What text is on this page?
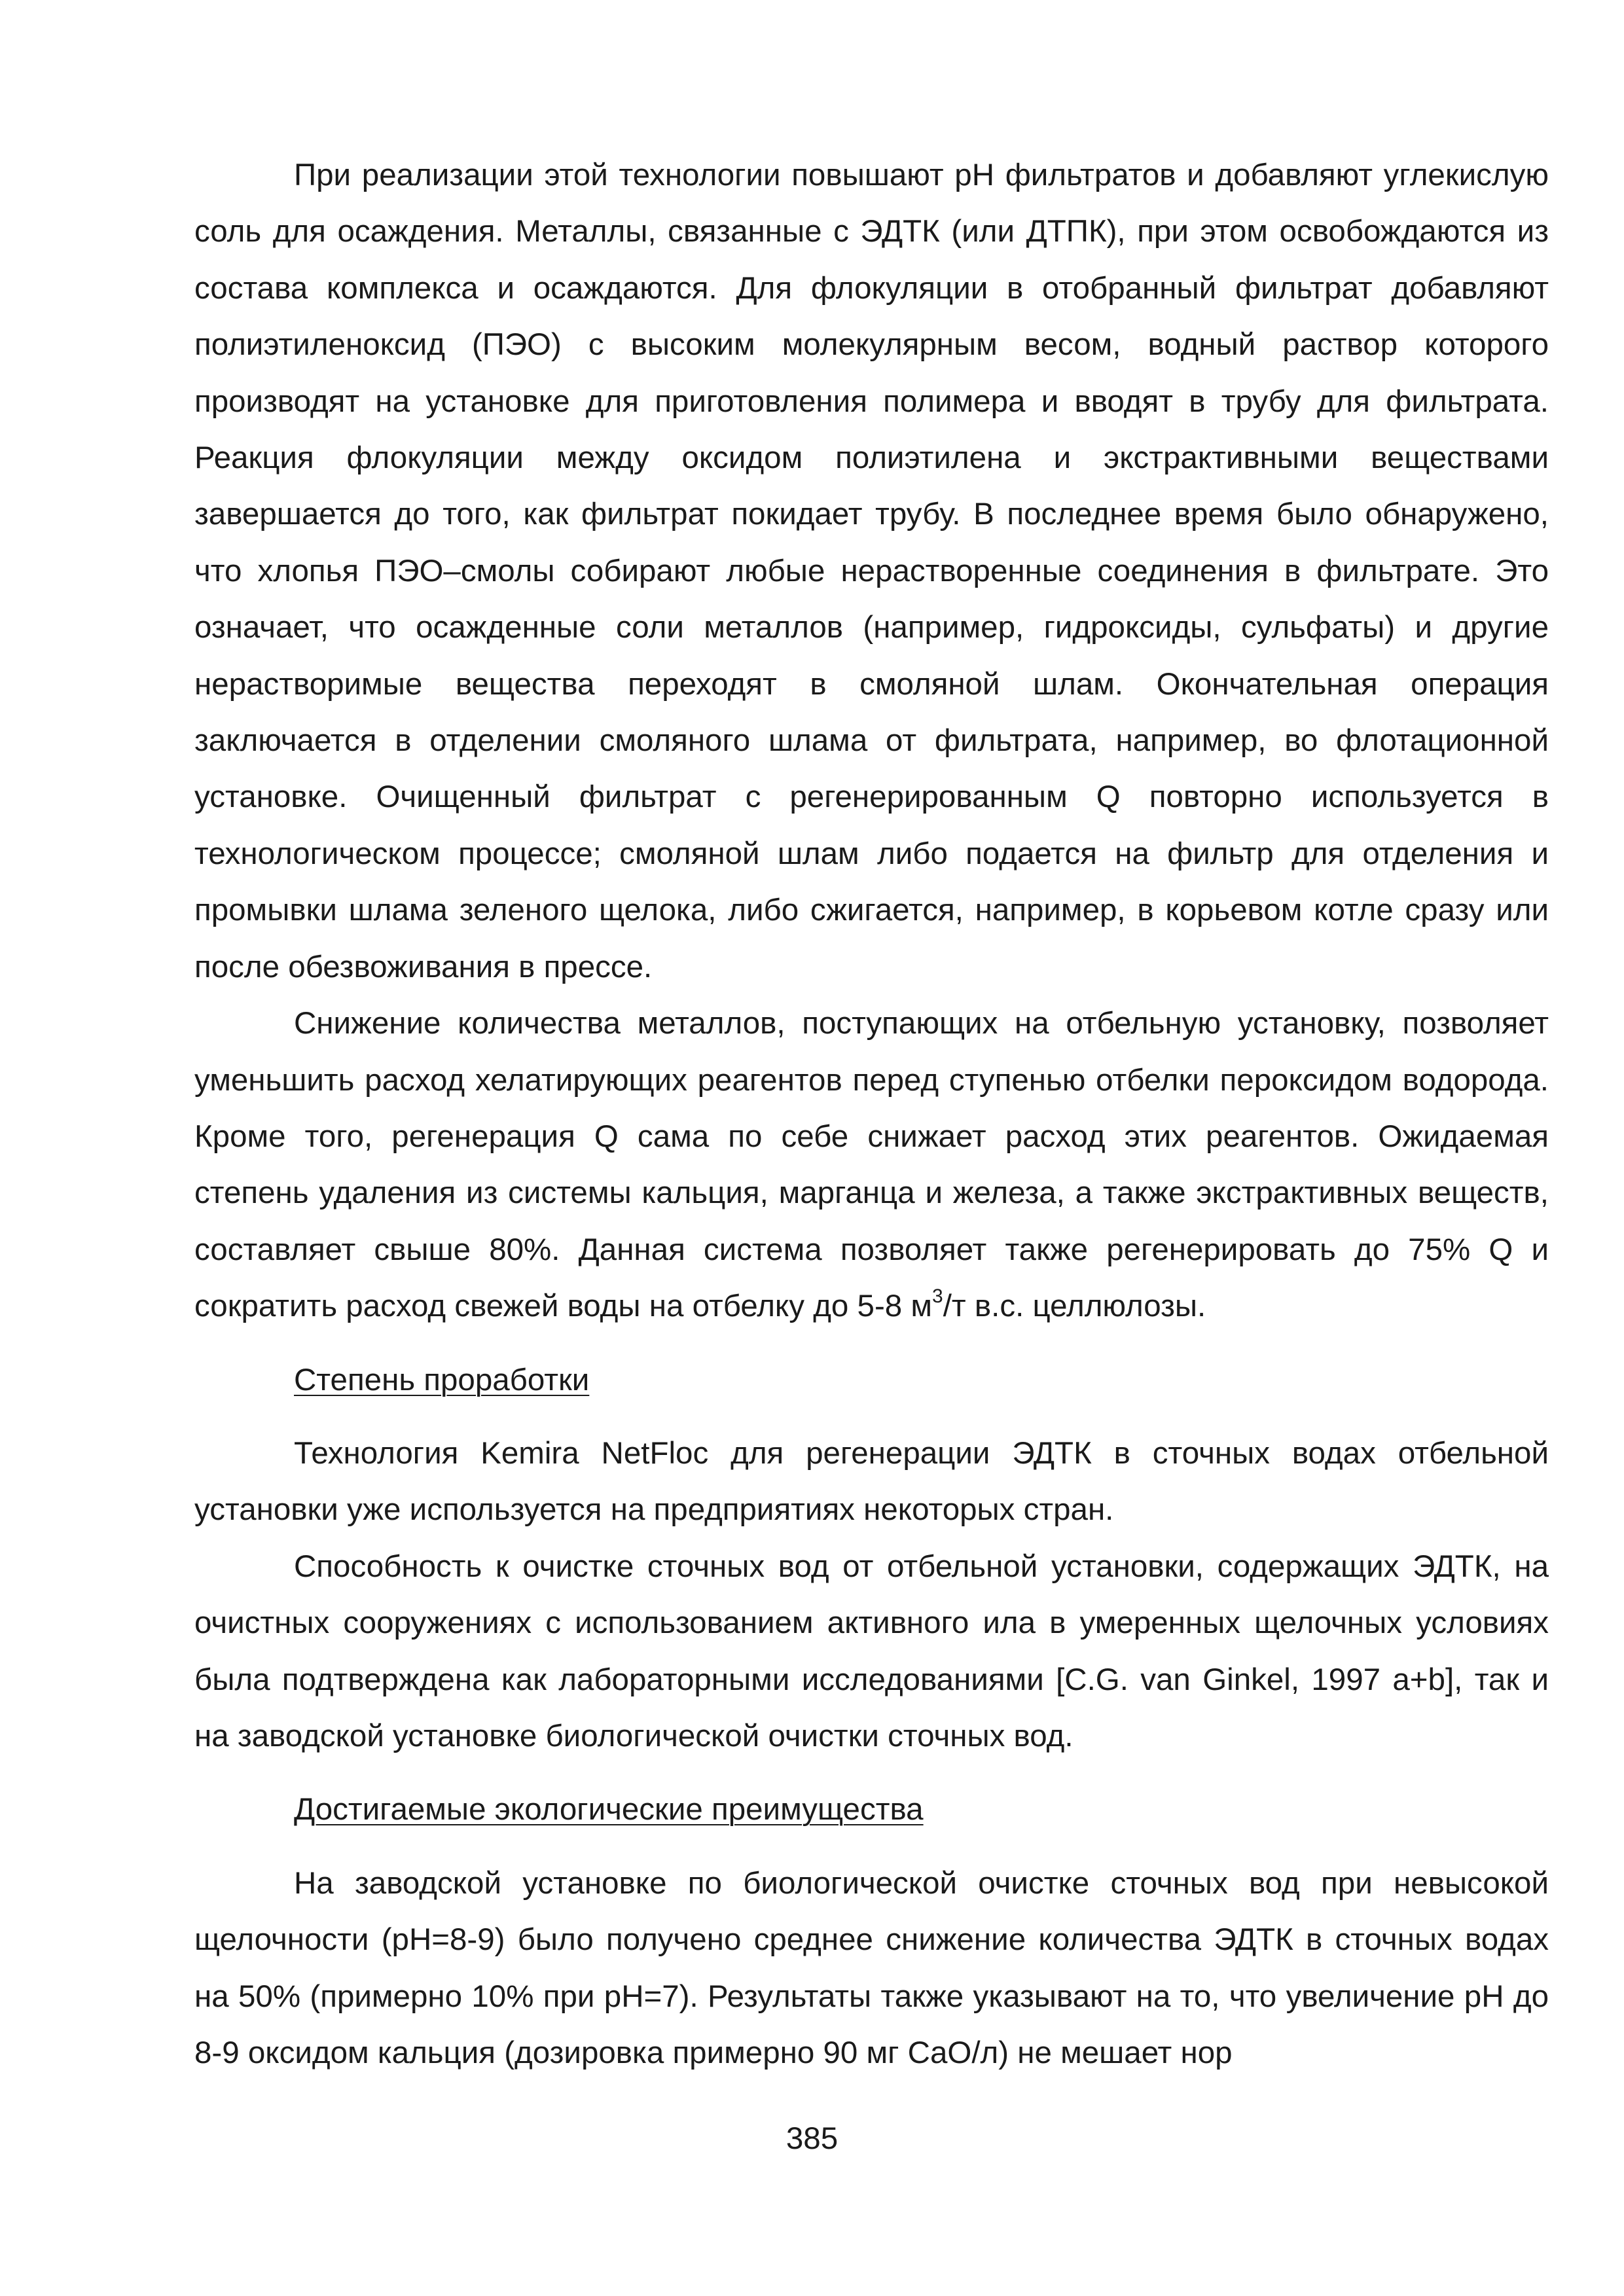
При реализации этой технологии повышают pH фильтратов и добавляют углекислую соль для осаждения. Металлы, связанные с ЭДТК (или ДТПК), при этом освобождаются из состава комплекса и осаждаются. Для флокуляции в отобранный фильтрат добавляют полиэтиленоксид (ПЭО) с высоким молекулярным весом, водный раствор которого производят на установке для приготовления полимера и вводят в трубу для фильтрата. Реакция флокуляции между оксидом полиэтилена и экстрактивными веществами завершается до того, как фильтрат покидает трубу. В последнее время было обнаружено, что хлопья ПЭО–смолы собирают любые нерастворенные соединения в фильтрате. Это означает, что осажденные соли металлов (например, гидроксиды, сульфаты) и другие нерастворимые вещества переходят в смоляной шлам. Окончательная операция заключается в отделении смоляного шлама от фильтрата, например, во флотационной установке. Очищенный фильтрат с регенерированным Q повторно используется в технологическом процессе; смоляной шлам либо подается на фильтр для отделения и промывки шлама зеленого щелока, либо сжигается, например, в корьевом котле сразу или после обезвоживания в прессе.

Снижение количества металлов, поступающих на отбельную установку, позволяет уменьшить расход хелатирующих реагентов перед ступенью отбелки пероксидом водорода. Кроме того, регенерация Q сама по себе снижает расход этих реагентов. Ожидаемая степень удаления из системы кальция, марганца и железа, а также экстрактивных веществ, составляет свыше 80%. Данная система позволяет также регенерировать до 75% Q и сократить расход свежей воды на отбелку до 5-8 $м^3/т$ в.с. целлюлозы.

Степень проработки

Технология Kemira NetFloc для регенерации ЭДТК в сточных водах отбельной установки уже используется на предприятиях некоторых стран.

Способность к очистке сточных вод от отбельной установки, содержащих ЭДТК, на очистных сооружениях с использованием активного ила в умеренных щелочных условиях была подтверждена как лабораторными исследованиями [C.G. van Ginkel, 1997 a+b], так и на заводской установке биологической очистки сточных вод.

Достигаемые экологические преимущества

На заводской установке по биологической очистке сточных вод при невысокой щелочности (pH=8-9) было получено среднее снижение количества ЭДТК в сточных водах на 50% (примерно 10% при pH=7). Результаты также указывают на то, что увеличение pH до 8-9 оксидом кальция (дозировка примерно 90 мг CaO/л) не мешает нор

385
